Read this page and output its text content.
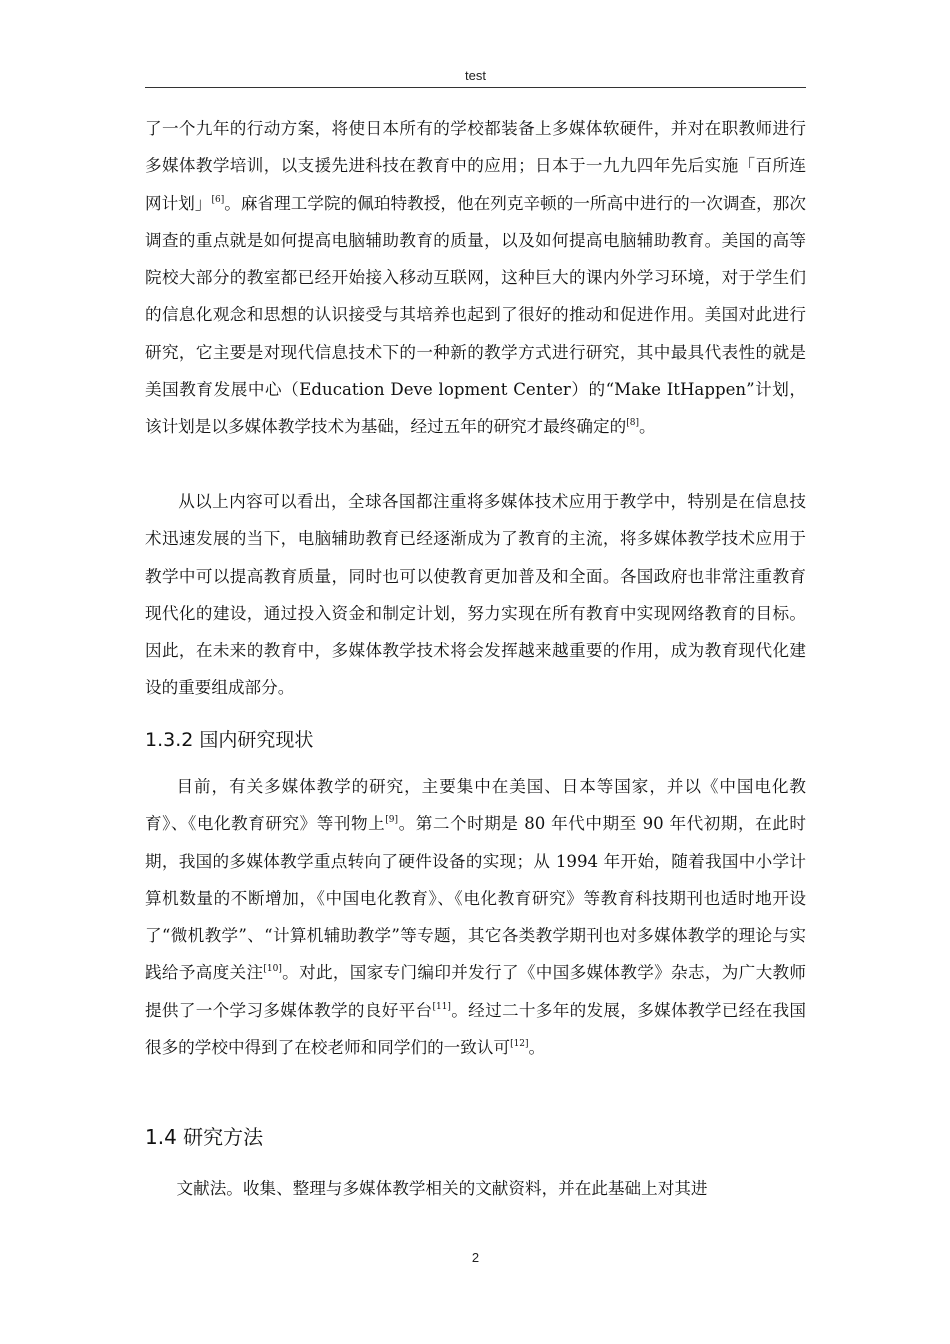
test

了一个九年的行动方案，将使日本所有的学校都装备上多媒体软硬件，并对在职教师进行多媒体教学培训，以支援先进科技在教育中的应用；日本于一九九四年先后实施「百所连网计划」[6]。麻省理工学院的佩珀特教授，他在列克辛顿的一所高中进行的一次调查，那次调查的重点就是如何提高电脑辅助教育的质量，以及如何提高电脑辅助教育。美国的高等院校大部分的教室都已经开始接入移动互联网，这种巨大的课内外学习环境，对于学生们的信息化观念和思想的认识接受与其培养也起到了很好的推动和促进作用。美国对此进行研究，它主要是对现代信息技术下的一种新的教学方式进行研究，其中最具代表性的就是美国教育发展中心（Education Deve lopment Center）的“Make ItHappen”计划，该计划是以多媒体教学技术为基础，经过五年的研究才最终确定的[8]。

从以上内容可以看出，全球各国都注重将多媒体技术应用于教学中，特别是在信息技术迅速发展的当下，电脑辅助教育已经逐渐成为了教育的主流，将多媒体教学技术应用于教学中可以提高教育质量，同时也可以使教育更加普及和全面。各国政府也非常注重教育现代化的建设，通过投入资金和制定计划，努力实现在所有教育中实现网络教育的目标。因此，在未来的教育中，多媒体教学技术将会发挥越来越重要的作用，成为教育现代化建设的重要组成部分。

1.3.2 国内研究现状

目前，有关多媒体教学的研究，主要集中在美国、日本等国家，并以《中国电化教育》、《电化教育研究》等刊物上[9]。第二个时期是 80 年代中期至 90 年代初期，在此时期，我国的多媒体教学重点转向了硬件设备的实现；从 1994 年开始，随着我国中小学计算机数量的不断增加，《中国电化教育》、《电化教育研究》等教育科技期刊也适时地开设了“微机教学”、“计算机辅助教学”等专题，其它各类教学期刊也对多媒体教学的理论与实践给予高度关注[10]。对此，国家专门编印并发行了《中国多媒体教学》杂志，为广大教师提供了一个学习多媒体教学的良好平台[11]。经过二十多年的发展，多媒体教学已经在我国很多的学校中得到了在校老师和同学们的一致认可[12]。

1.4 研究方法

文献法。收集、整理与多媒体教学相关的文献资料，并在此基础上对其进

2
